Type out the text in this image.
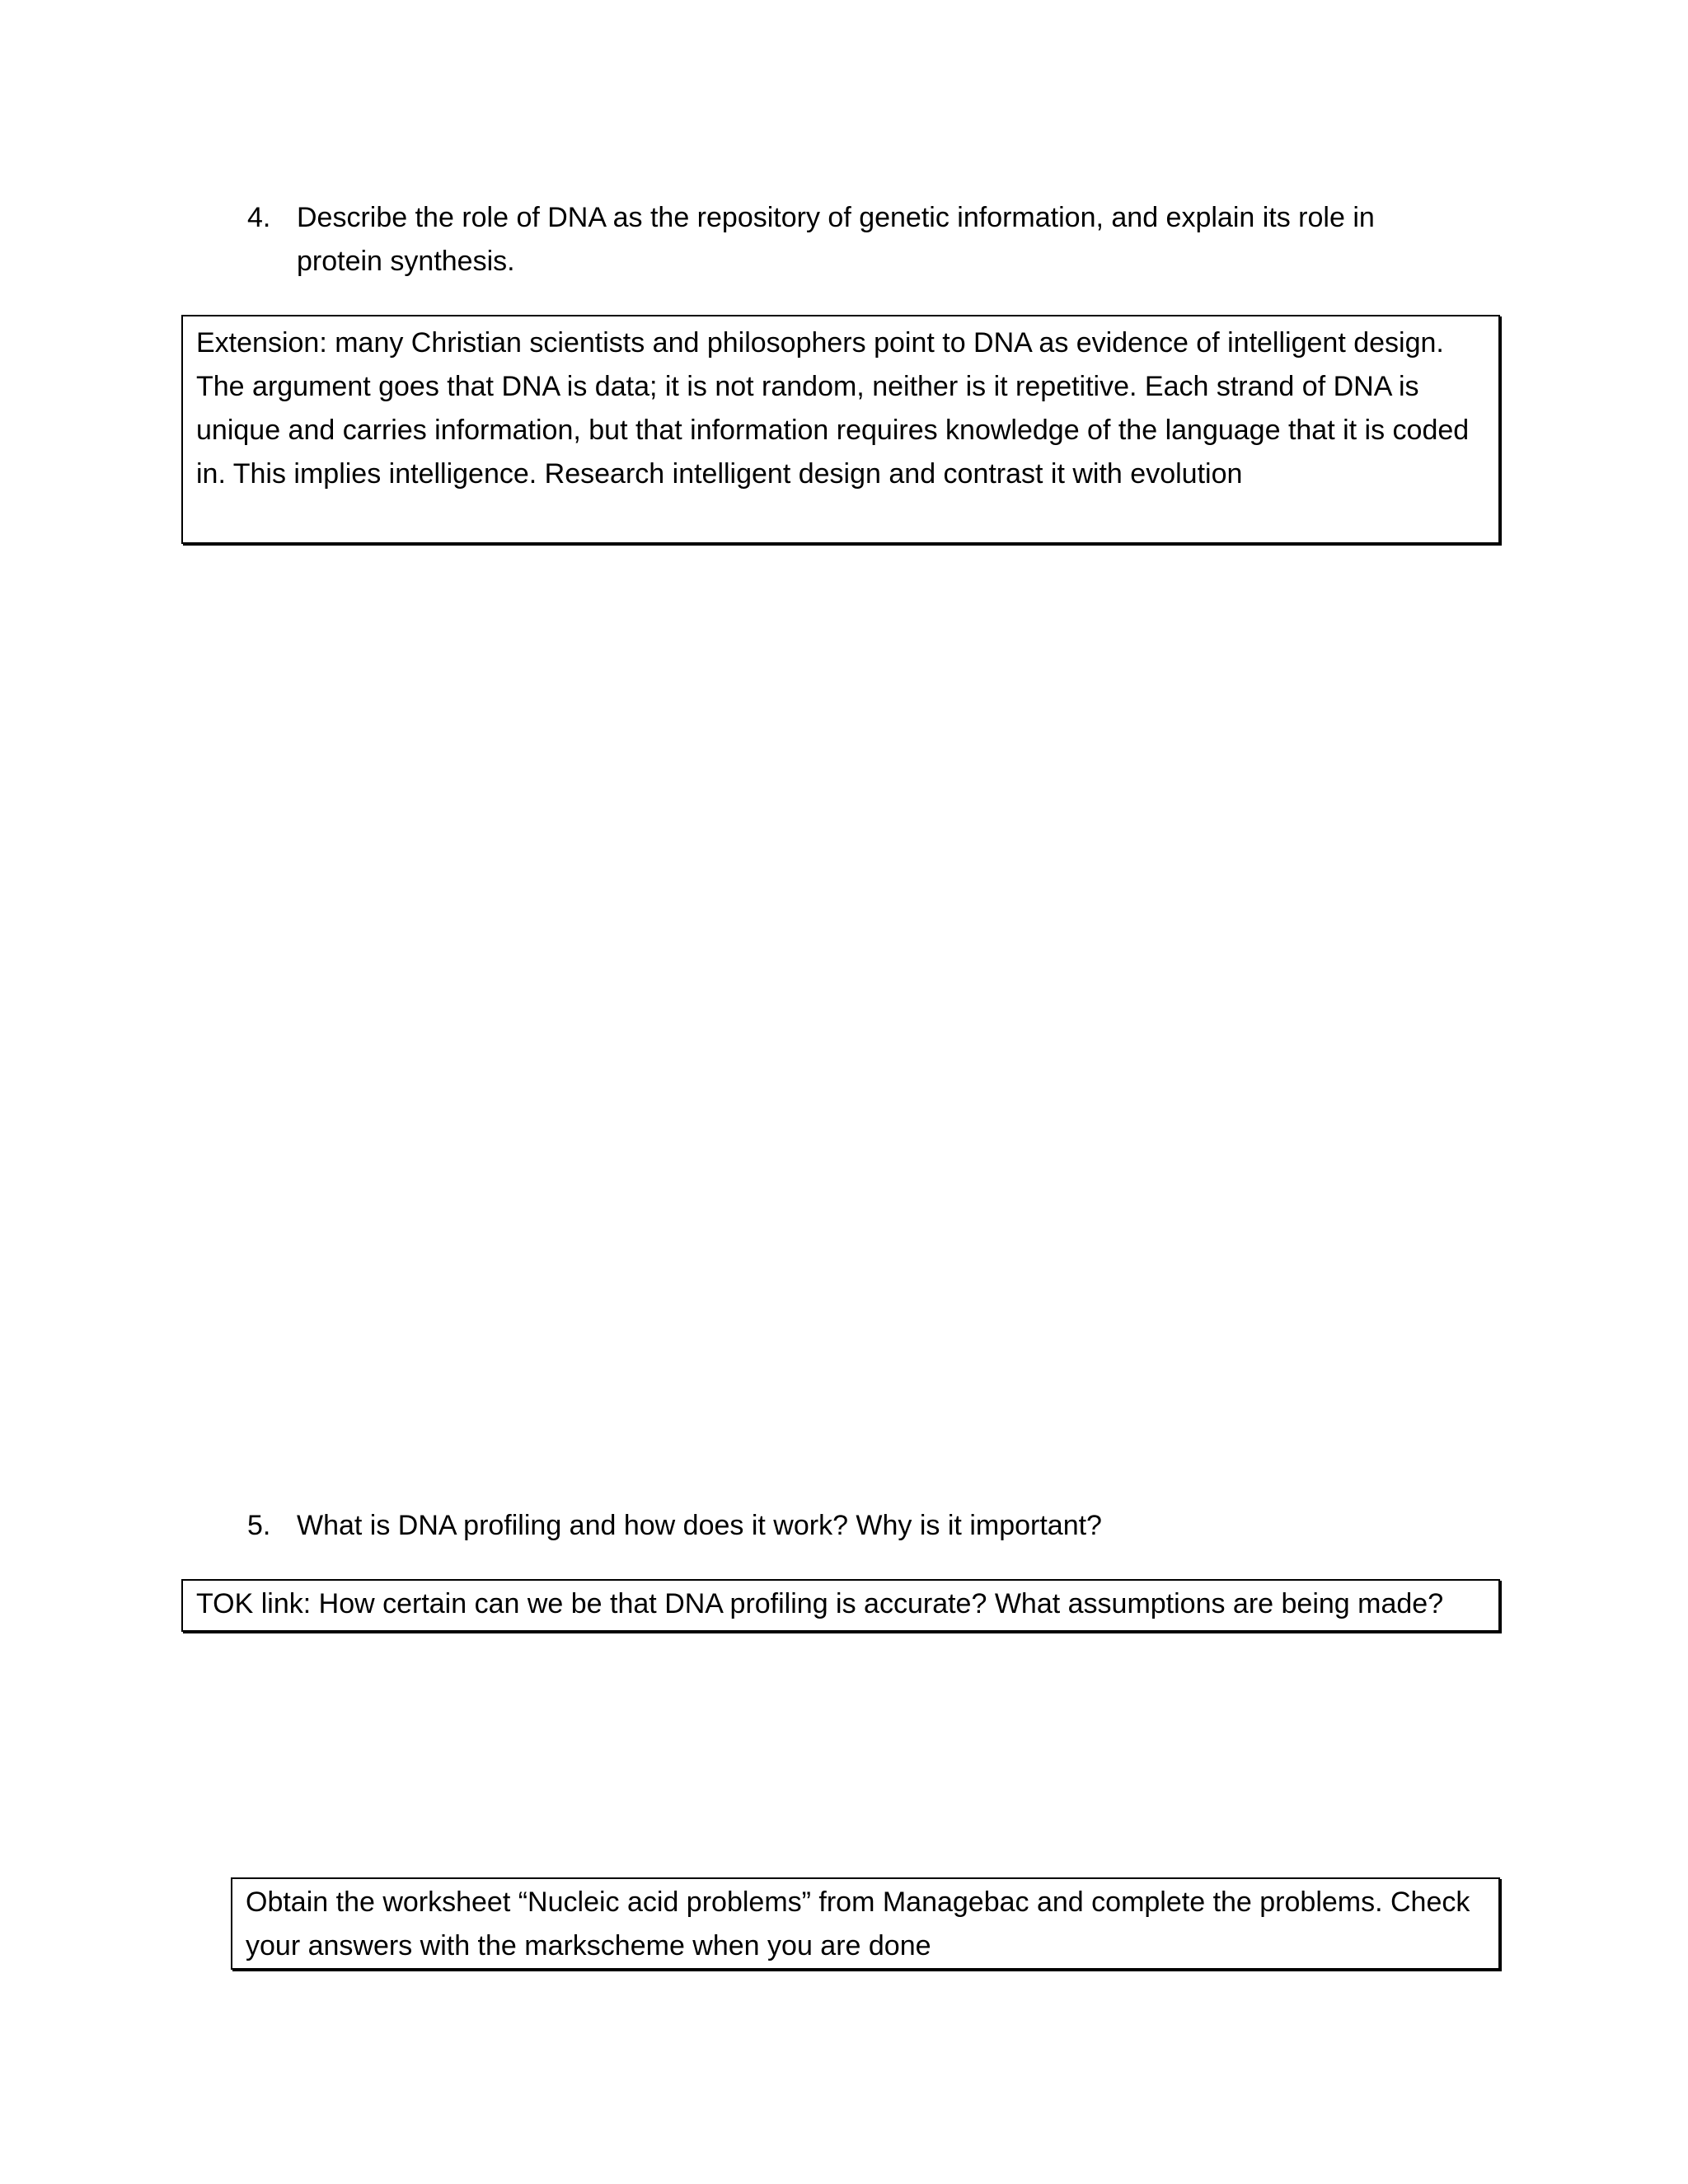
4. Describe the role of DNA as the repository of genetic information, and explain its role in protein synthesis.
Extension: many Christian scientists and philosophers point to DNA as evidence of intelligent design. The argument goes that DNA is data; it is not random, neither is it repetitive. Each strand of DNA is unique and carries information, but that information requires knowledge of the language that it is coded in. This implies intelligence. Research intelligent design and contrast it with evolution
5. What is DNA profiling and how does it work? Why is it important?
TOK link: How certain can we be that DNA profiling is accurate? What assumptions are being made?
Obtain the worksheet “Nucleic acid problems” from Managebac and complete the problems. Check your answers with the markscheme when you are done
